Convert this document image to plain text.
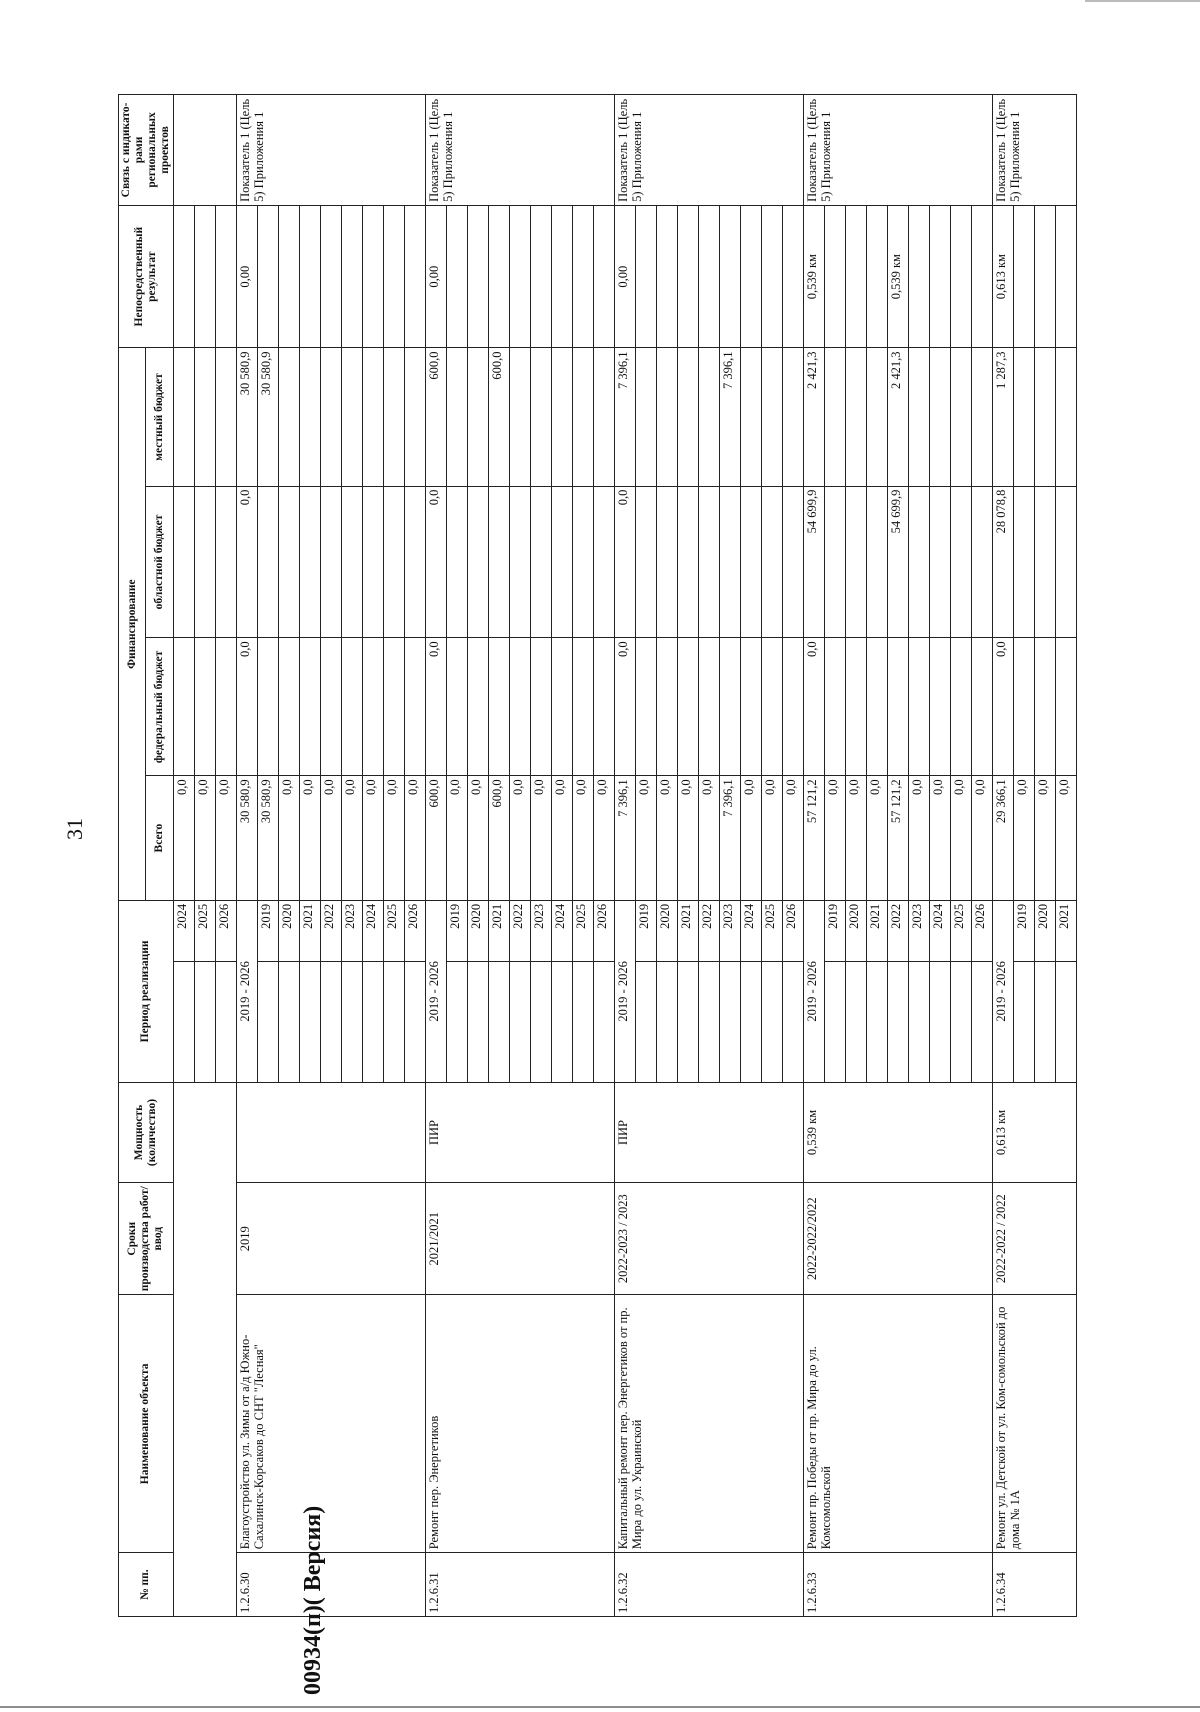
31
№ пп.	Наименование объекта	Сроки производства работ/ввод	Мощность (количество)	Период реализации		Финансирование				Непосредственный результат	Связь с индикато-рами региональных проектов
						Всего	федеральный бюджет	областной бюджет	местный бюджет		
					2024	0,0					
					2025	0,0					
					2026	0,0					
1.2.6.30	Благоустройство ул. Зимы от а/д Южно-Сахалинск-Корсаков до СНТ "Лесная"	2019		2019 - 2026		30 580,9	0,0	0,0	30 580,9	0,00	Показатель 1 (Цель 5) Приложения 1
					2019	30 580,9			30 580,9		
					2020	0,0					
					2021	0,0					
					2022	0,0					
					2023	0,0					
					2024	0,0					
					2025	0,0					
					2026	0,0					
1.2.6.31	Ремонт пер. Энергетиков	2021/2021	ПИР	2019 - 2026		600,0	0,0	0,0	600,0	0,00	Показатель 1 (Цель 5) Приложения 1
					2019	0,0					
					2020	0,0					
					2021	600,0			600,0		
					2022	0,0					
					2023	0,0					
					2024	0,0					
					2025	0,0					
					2026	0,0					
1.2.6.32	Капитальный ремонт пер. Энергетиков от пр. Мира до ул. Украинской	2022-2023 / 2023	ПИР	2019 - 2026		7 396,1	0,0	0,0	7 396,1	0,00	Показатель 1 (Цель 5) Приложения 1
					2019	0,0					
					2020	0,0					
					2021	0,0					
					2022	0,0					
					2023	7 396,1			7 396,1		
					2024	0,0					
					2025	0,0					
					2026	0,0					
1.2.6.33	Ремонт пр. Победы от пр. Мира до ул. Комсомольской	2022-2022/2022	0,539 км	2019 - 2026		57 121,2	0,0	54 699,9	2 421,3	0,539 км	Показатель 1 (Цель 5) Приложения 1
					2019	0,0					
					2020	0,0					
					2021	0,0					
					2022	57 121,2		54 699,9	2 421,3	0,539 км	
					2023	0,0					
					2024	0,0					
					2025	0,0					
					2026	0,0					
1.2.6.34	Ремонт ул. Детской от ул. Ком-сомольской до дома № 1А	2022-2022 / 2022	0,613 км	2019 - 2026		29 366,1	0,0	28 078,8	1 287,3	0,613 км	Показатель 1 (Цель 5) Приложения 1
					2019	0,0					
					2020	0,0					
					2021	0,0					
00934(п)( Версия)
